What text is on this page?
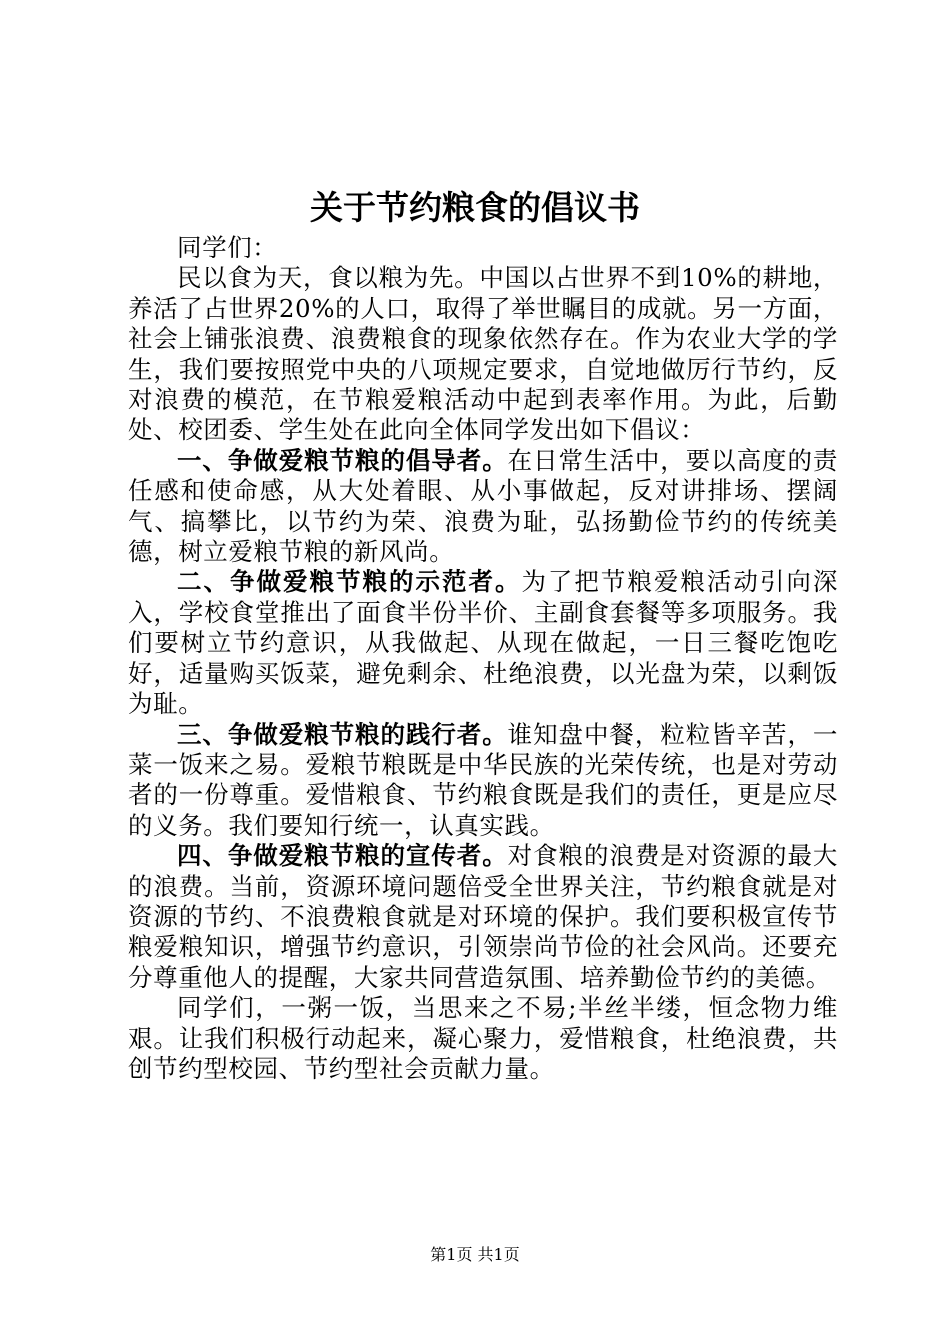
关于节约粮食的倡议书

同学们：

民以食为天，食以粮为先。中国以占世界不到10%的耕地，养活了占世界20%的人口，取得了举世瞩目的成就。另一方面，社会上铺张浪费、浪费粮食的现象依然存在。作为农业大学的学生，我们要按照党中央的八项规定要求，自觉地做厉行节约，反对浪费的模范，在节粮爱粮活动中起到表率作用。为此，后勤处、校团委、学生处在此向全体同学发出如下倡议：

一、争做爱粮节粮的倡导者。在日常生活中，要以高度的责任感和使命感，从大处着眼、从小事做起，反对讲排场、摆阔气、搞攀比，以节约为荣、浪费为耻，弘扬勤俭节约的传统美德，树立爱粮节粮的新风尚。

二、争做爱粮节粮的示范者。为了把节粮爱粮活动引向深入，学校食堂推出了面食半份半价、主副食套餐等多项服务。我们要树立节约意识，从我做起、从现在做起，一日三餐吃饱吃好，适量购买饭菜，避免剩余、杜绝浪费，以光盘为荣，以剩饭为耻。

三、争做爱粮节粮的践行者。谁知盘中餐，粒粒皆辛苦，一菜一饭来之易。爱粮节粮既是中华民族的光荣传统，也是对劳动者的一份尊重。爱惜粮食、节约粮食既是我们的责任，更是应尽的义务。我们要知行统一，认真实践。

四、争做爱粮节粮的宣传者。对食粮的浪费是对资源的最大的浪费。当前，资源环境问题倍受全世界关注，节约粮食就是对资源的节约、不浪费粮食就是对环境的保护。我们要积极宣传节粮爱粮知识，增强节约意识，引领崇尚节俭的社会风尚。还要充分尊重他人的提醒，大家共同营造氛围、培养勤俭节约的美德。

同学们，一粥一饭，当思来之不易;半丝半缕，恒念物力维艰。让我们积极行动起来，凝心聚力，爱惜粮食，杜绝浪费，共创节约型校园、节约型社会贡献力量。

第1页 共1页
